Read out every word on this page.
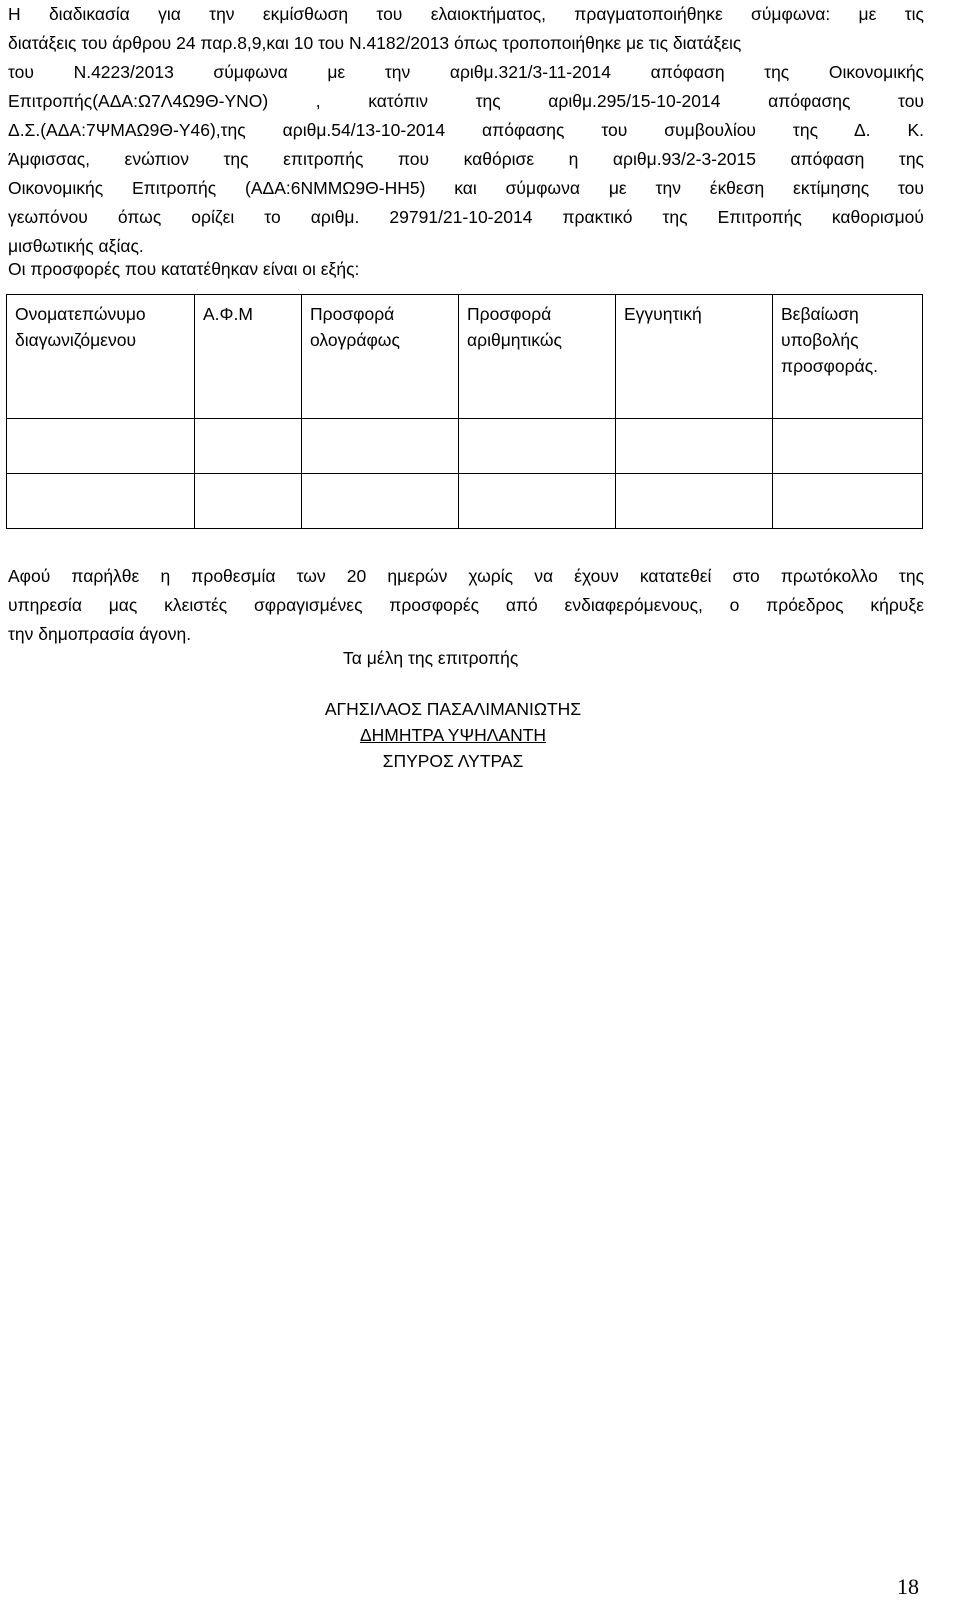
Η διαδικασία για την εκμίσθωση του ελαιοκτήματος, πραγματοποιήθηκε σύμφωνα: με τις
διατάξεις του άρθρου 24 παρ.8,9,και 10 του Ν.4182/2013 όπως τροποποιήθηκε με τις διατάξεις
του Ν.4223/2013 σύμφωνα με την αριθμ.321/3-11-2014 απόφαση της Οικονομικής
Επιτροπής(ΑΔΑ:Ω7Λ4Ω9Θ-ΥΝΟ) , κατόπιν της αριθμ.295/15-10-2014 απόφασης του
Δ.Σ.(ΑΔΑ:7ΨΜΑΩ9Θ-Υ46),της αριθμ.54/13-10-2014 απόφασης του συμβουλίου της Δ. Κ.
Άμφισσας, ενώπιον της επιτροπής που καθόρισε η αριθμ.93/2-3-2015 απόφαση της
Οικονομικής Επιτροπής (ΑΔΑ:6ΝΜΜΩ9Θ-ΗΗ5) και σύμφωνα με την έκθεση εκτίμησης του
γεωπόνου όπως ορίζει το αριθμ. 29791/21-10-2014 πρακτικό της Επιτροπής καθορισμού
μισθωτικής αξίας.
Οι προσφορές που κατατέθηκαν είναι οι εξής:
Ονοματεπώνυμο διαγωνιζόμενου	Α.Φ.Μ	Προσφορά ολογράφως	Προσφορά αριθμητικώς	Εγγυητική	Βεβαίωση υποβολής προσφοράς.

Αφού παρήλθε η προθεσμία των 20 ημερών χωρίς να έχουν κατατεθεί στο πρωτόκολλο της
υπηρεσία μας κλειστές σφραγισμένες προσφορές από ενδιαφερόμενους, ο πρόεδρος κήρυξε
την δημοπρασία άγονη.
Τα μέλη της επιτροπής
ΑΓΗΣΙΛΑΟΣ ΠΑΣΑΛΙΜΑΝΙΩΤΗΣ
ΔΗΜΗΤΡΑ ΥΨΗΛΑΝΤΗ
ΣΠΥΡΟΣ ΛΥΤΡΑΣ
18
